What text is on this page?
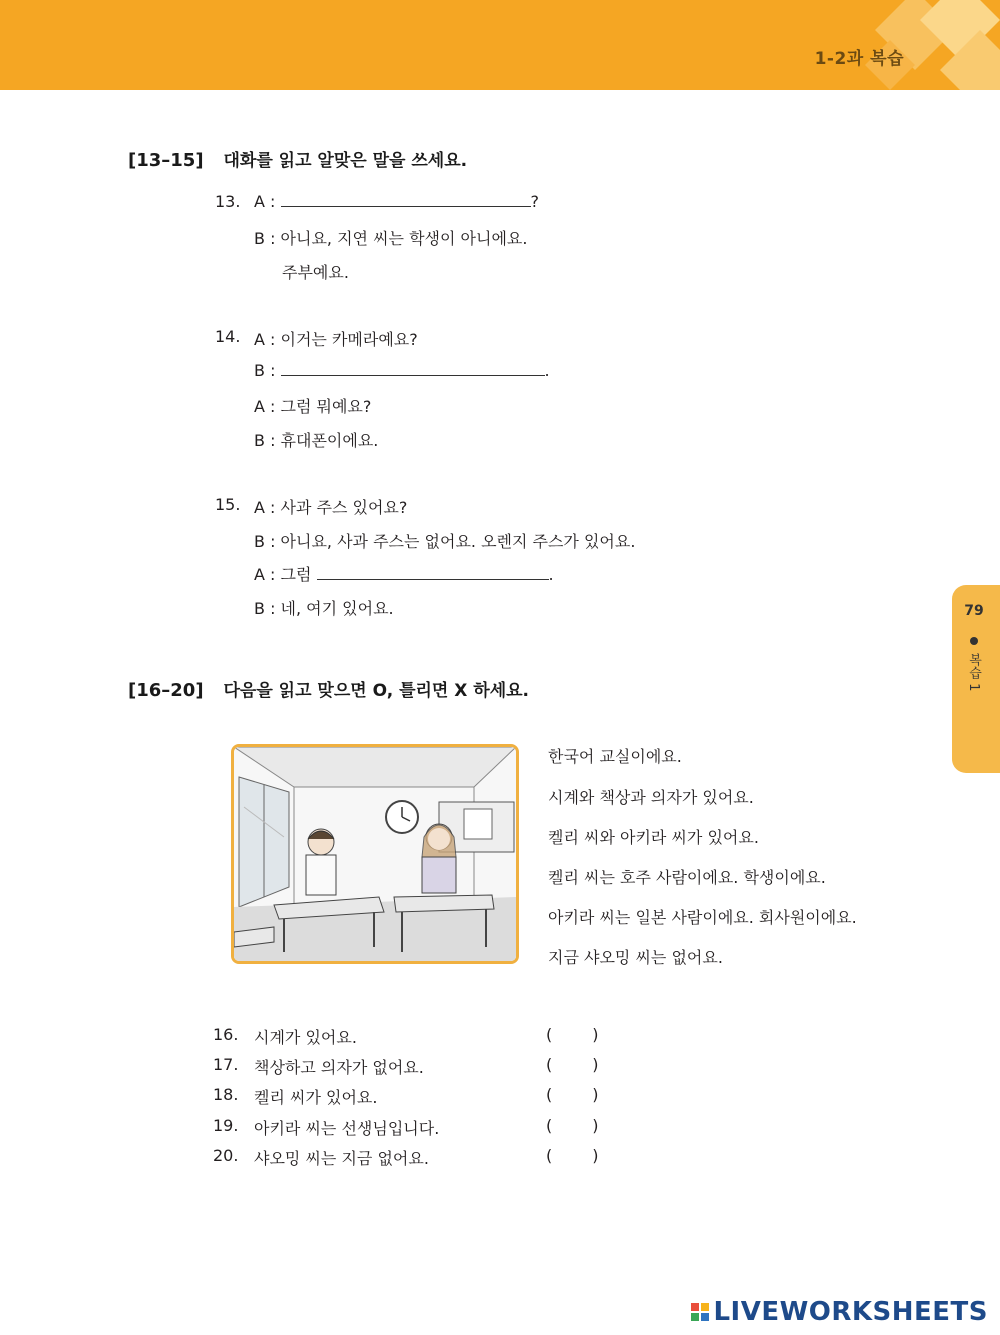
1-2과 복습
79
복습 1
[13–15] 대화를 읽고 알맞은 말을 쓰세요.
13. A :	?
B : 아니요, 지연 씨는 학생이 아니에요.
주부예요.
14. A : 이거는 카메라예요?
B :	.
A : 그럼 뭐예요?
B : 휴대폰이에요.
15. A : 사과 주스 있어요?
B : 아니요, 사과 주스는 없어요. 오렌지 주스가 있어요.
A : 그럼	.
B : 네, 여기 있어요.
[16–20] 다음을 읽고 맞으면 O, 틀리면 X 하세요.
한국어 교실이에요.
시계와 책상과 의자가 있어요.
켈리 씨와 아키라 씨가 있어요.
켈리 씨는 호주 사람이에요. 학생이에요.
아키라 씨는 일본 사람이에요. 회사원이에요.
지금 샤오밍 씨는 없어요.
16. 시계가 있어요.	(	)
17. 책상하고 의자가 없어요.	(	)
18. 켈리 씨가 있어요.	(	)
19. 아키라 씨는 선생님입니다.	(	)
20. 샤오밍 씨는 지금 없어요.	(	)
LIVEWORKSHEETS
